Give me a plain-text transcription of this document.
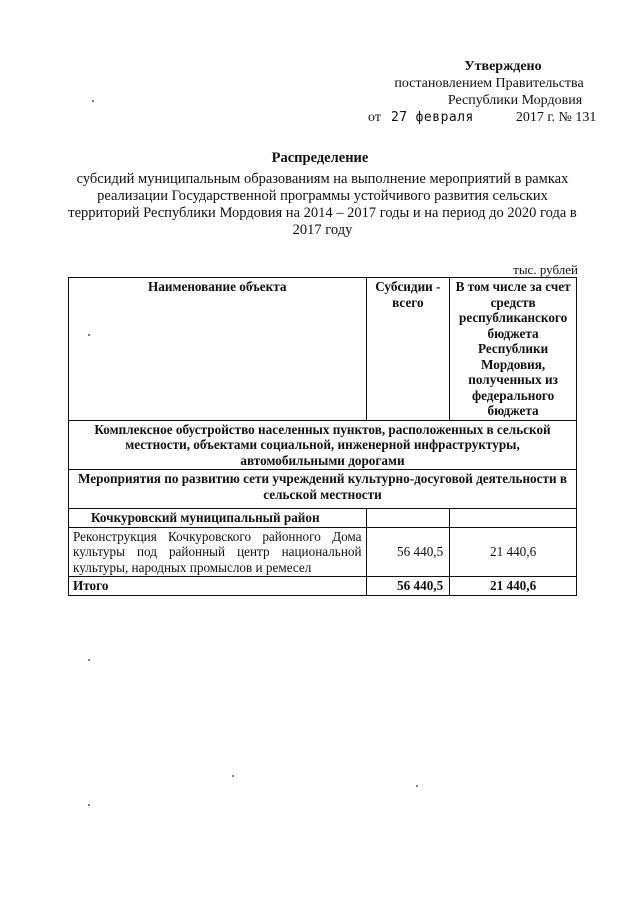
Утверждено
постановлением Правительства
Республики Мордовия
от 27 февраля	2017 г. № 131
Распределение
субсидий муниципальным образованиям на выполнение мероприятий в рамках реализации Государственной программы устойчивого развития сельских территорий Республики Мордовия на 2014 – 2017 годы и на период до 2020 года в 2017 году
тыс. рублей
Наименование объекта	Субсидии - всего	В том числе за счет средств республиканского бюджета Республики Мордовия, полученных из федерального бюджета
Комплексное обустройство населенных пунктов, расположенных в сельской местности, объектами социальной, инженерной инфраструктуры, автомобильными дорогами		
Мероприятия по развитию сети учреждений культурно-досуговой деятельности в сельской местности		
Кочкуровский муниципальный район		
Реконструкция Кочкуровского районного Дома культуры под районный центр национальной культуры, народных промыслов и ремесел	56 440,5	21 440,6
Итого	56 440,5	21 440,6
